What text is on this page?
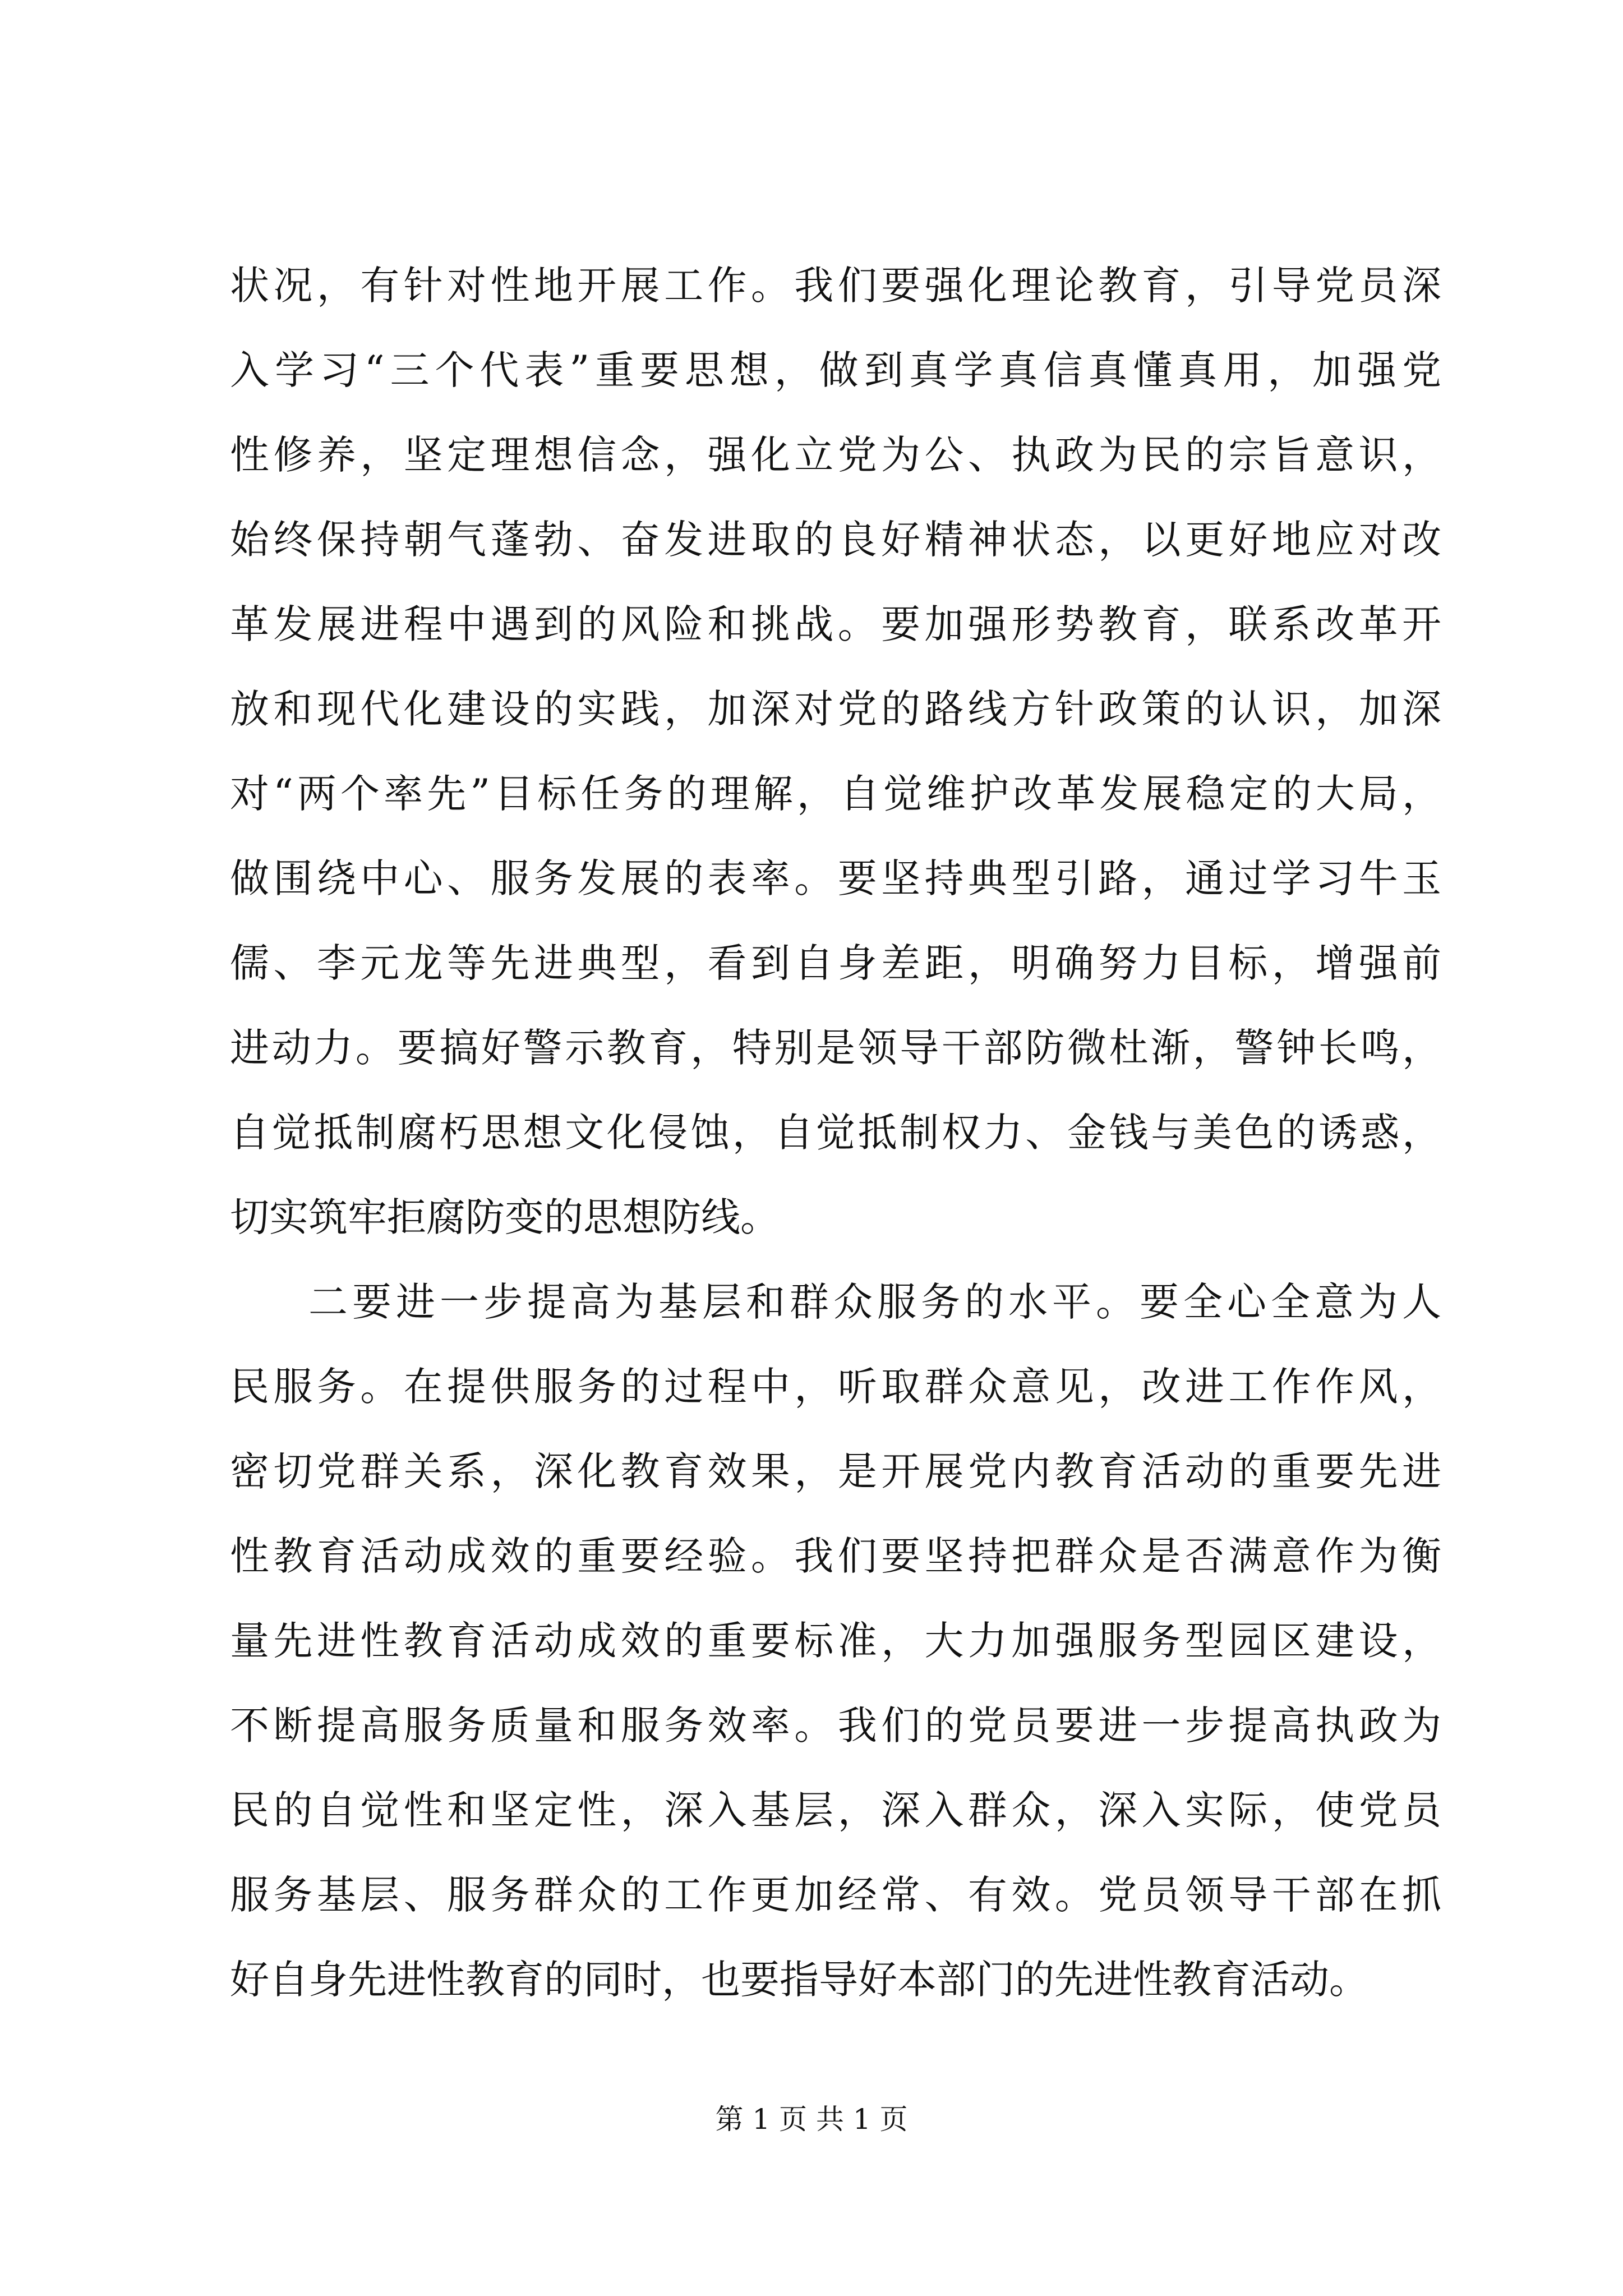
状况，有针对性地开展工作。我们要强化理论教育，引导党员深
入学习“三个代表”重要思想，做到真学真信真懂真用，加强党
性修养，坚定理想信念，强化立党为公、执政为民的宗旨意识，
始终保持朝气蓬勃、奋发进取的良好精神状态，以更好地应对改
革发展进程中遇到的风险和挑战。要加强形势教育，联系改革开
放和现代化建设的实践，加深对党的路线方针政策的认识，加深
对“两个率先”目标任务的理解，自觉维护改革发展稳定的大局，
做围绕中心、服务发展的表率。要坚持典型引路，通过学习牛玉
儒、李元龙等先进典型，看到自身差距，明确努力目标，增强前
进动力。要搞好警示教育，特别是领导干部防微杜渐，警钟长鸣，
自觉抵制腐朽思想文化侵蚀，自觉抵制权力、金钱与美色的诱惑，
切实筑牢拒腐防变的思想防线。
二要进一步提高为基层和群众服务的水平。要全心全意为人
民服务。在提供服务的过程中，听取群众意见，改进工作作风，
密切党群关系，深化教育效果，是开展党内教育活动的重要先进
性教育活动成效的重要经验。我们要坚持把群众是否满意作为衡
量先进性教育活动成效的重要标准，大力加强服务型园区建设，
不断提高服务质量和服务效率。我们的党员要进一步提高执政为
民的自觉性和坚定性，深入基层，深入群众，深入实际，使党员
服务基层、服务群众的工作更加经常、有效。党员领导干部在抓
好自身先进性教育的同时，也要指导好本部门的先进性教育活动。
第 1 页 共 1 页
